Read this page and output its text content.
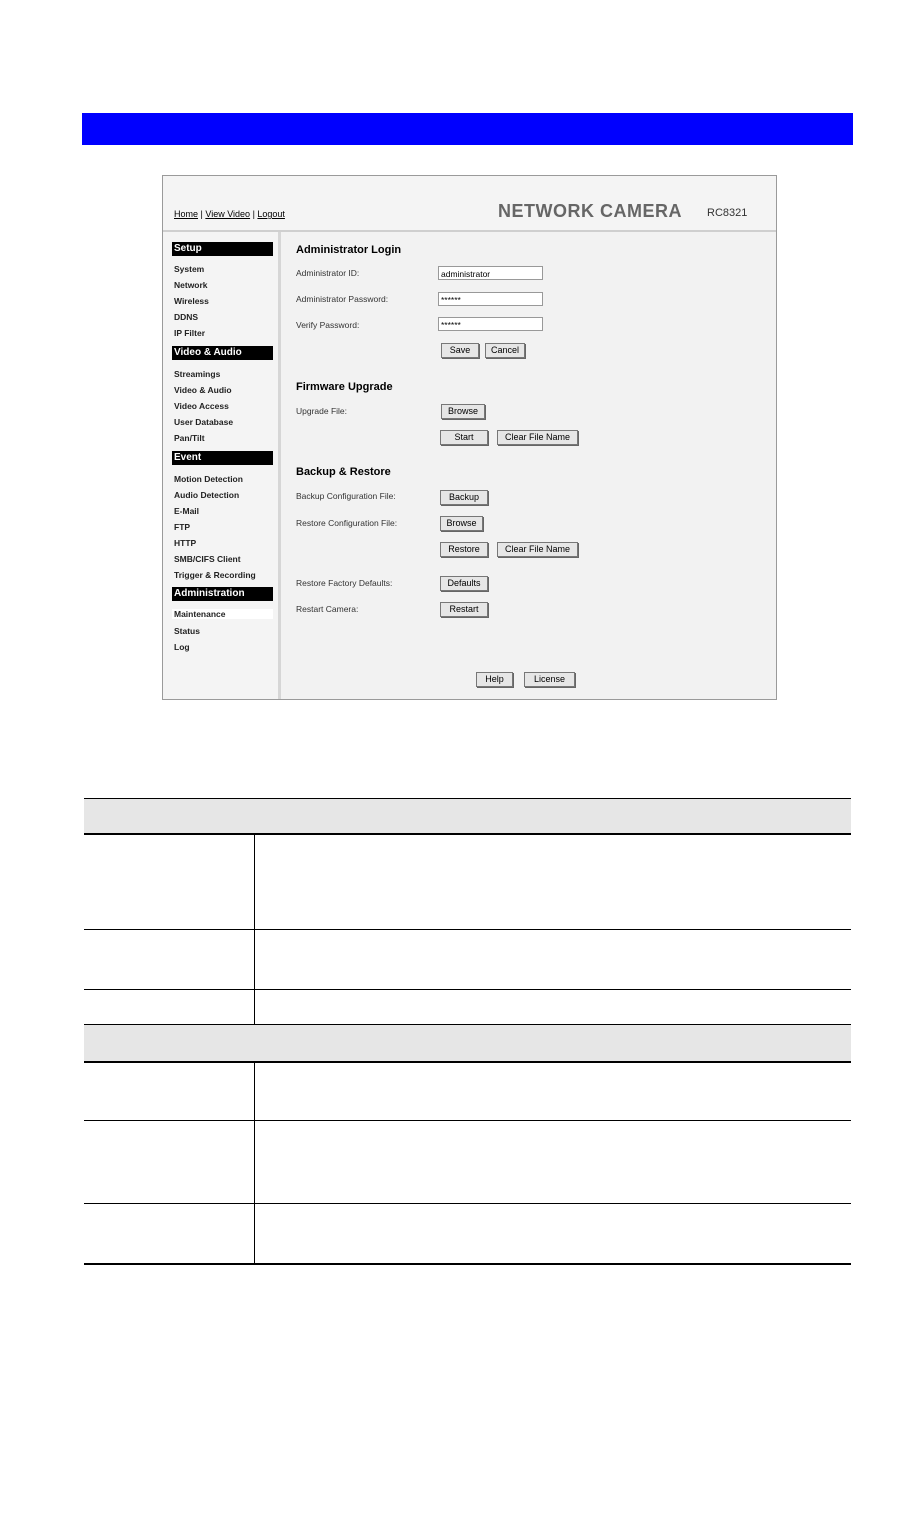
Home | View Video | Logout	NETWORK CAMERA RC8321
Setup
System
Network
Wireless
DDNS
IP Filter
Video & Audio
Streamings
Video & Audio
Video Access
User Database
Pan/Tilt
Event
Motion Detection
Audio Detection
E-Mail
FTP
HTTP
SMB/CIFS Client
Trigger & Recording
Administration
Maintenance
Status
Log
Administrator Login
Administrator ID:	administrator
Administrator Password:	******
Verify Password:	******
Save	Cancel
Firmware Upgrade
Upgrade File:	Browse
Start	Clear File Name
Backup & Restore
Backup Configuration File:	Backup
Restore Configuration File:	Browse
Restore	Clear File Name
Restore Factory Defaults:	Defaults
Restart Camera:	Restart
Help	License
